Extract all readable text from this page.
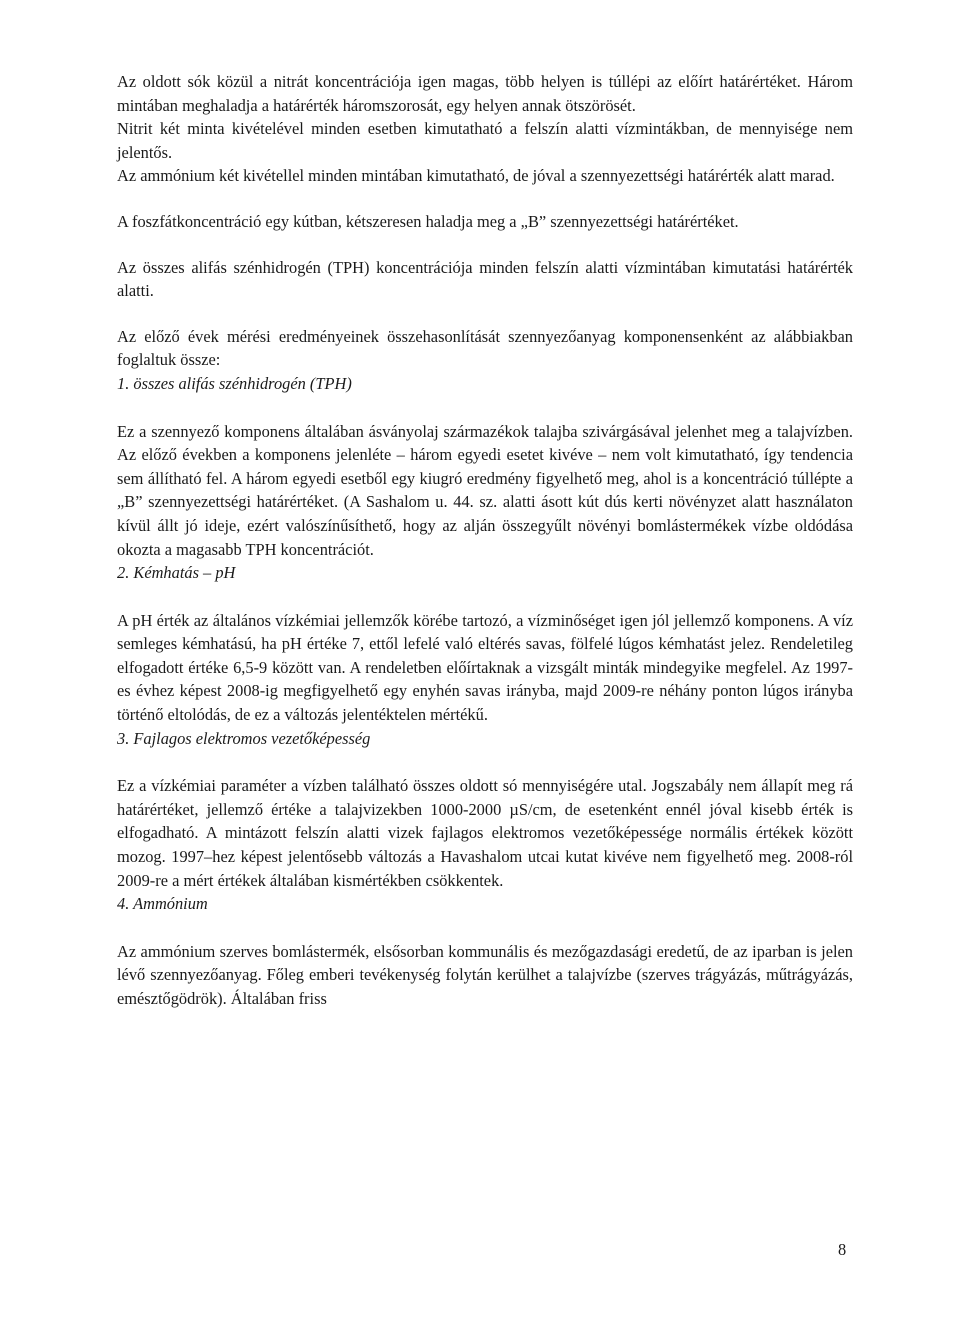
Az oldott sók közül a nitrát koncentrációja igen magas, több helyen is túllépi az előírt határértéket. Három mintában meghaladja a határérték háromszorosát, egy helyen annak ötszörösét.

Nitrit két minta kivételével minden esetben kimutatható a felszín alatti vízmintákban, de mennyisége nem jelentős.

Az ammónium két kivétellel minden mintában kimutatható, de jóval a szennyezettségi határérték alatt marad.

A foszfátkoncentráció egy kútban, kétszeresen haladja meg a „B” szennyezettségi határértéket.

Az összes alifás szénhidrogén (TPH) koncentrációja minden felszín alatti vízmintában kimutatási határérték alatti.

Az előző évek mérési eredményeinek összehasonlítását szennyezőanyag komponensenként az alábbiakban foglaltuk össze:

1. összes alifás szénhidrogén (TPH)

Ez a szennyező komponens általában ásványolaj származékok talajba szivárgásával jelenhet meg a talajvízben. Az előző években a komponens jelenléte – három egyedi esetet kivéve – nem volt kimutatható, így tendencia sem állítható fel. A három egyedi esetből egy kiugró eredmény figyelhető meg, ahol is a koncentráció túllépte a „B” szennyezettségi határértéket. (A Sashalom u. 44. sz. alatti ásott kút dús kerti növényzet alatt használaton kívül állt jó ideje, ezért valószínűsíthető, hogy az alján összegyűlt növényi bomlástermékek vízbe oldódása okozta a magasabb TPH koncentrációt.

2. Kémhatás – pH

A pH érték az általános vízkémiai jellemzők körébe tartozó, a vízminőséget igen jól jellemző komponens. A víz semleges kémhatású, ha pH értéke 7, ettől lefelé való eltérés savas, fölfelé lúgos kémhatást jelez. Rendeletileg elfogadott értéke 6,5-9 között van. A rendeletben előírtaknak a vizsgált minták mindegyike megfelel. Az 1997-es évhez képest 2008-ig megfigyelhető egy enyhén savas irányba, majd 2009-re néhány ponton lúgos irányba történő eltolódás, de ez a változás jelentéktelen mértékű.

3. Fajlagos elektromos vezetőképesség

Ez a vízkémiai paraméter a vízben található összes oldott só mennyiségére utal. Jogszabály nem állapít meg rá határértéket, jellemző értéke a talajvizekben 1000-2000 µS/cm, de esetenként ennél jóval kisebb érték is elfogadható. A mintázott felszín alatti vizek fajlagos elektromos vezetőképessége normális értékek között mozog. 1997–hez képest jelentősebb változás a Havashalom utcai kutat kivéve nem figyelhető meg. 2008-ról 2009-re a mért értékek általában kismértékben csökkentek.

4. Ammónium

Az ammónium szerves bomlástermék, elsősorban kommunális és mezőgazdasági eredetű, de az iparban is jelen lévő szennyezőanyag. Főleg emberi tevékenység folytán kerülhet a talajvízbe (szerves trágyázás, műtrágyázás, emésztőgödrök). Általában friss

8
